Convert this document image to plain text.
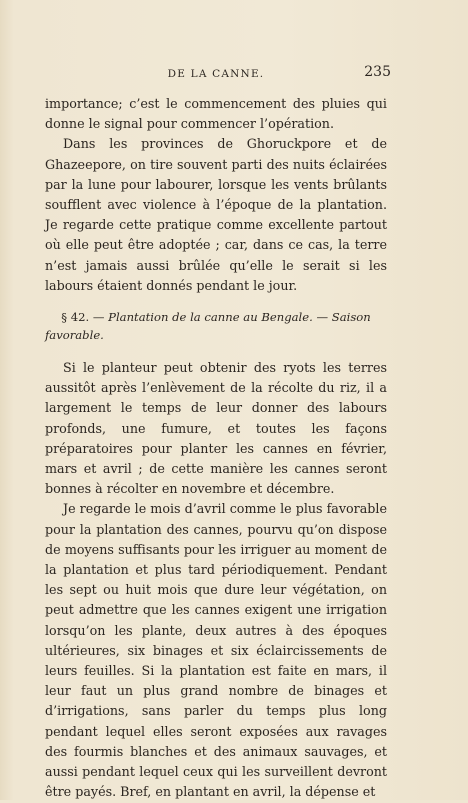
DE LA CANNE.	235

importance; c’est le commencement des pluies qui donne le signal pour commencer l’opération.

Dans les provinces de Ghoruckpore et de Ghazeepore, on tire souvent parti des nuits éclairées par la lune pour labourer, lorsque les vents brûlants soufflent avec violence à l’époque de la plantation. Je regarde cette pratique comme excellente partout où elle peut être adoptée ; car, dans ce cas, la terre n’est jamais aussi brûlée qu’elle le serait si les labours étaient donnés pendant le jour.

§ 42. — Plantation de la canne au Bengale. — Saison favorable.

Si le planteur peut obtenir des ryots les terres aussitôt après l’enlèvement de la récolte du riz, il a largement le temps de leur donner des labours profonds, une fumure, et toutes les façons préparatoires pour planter les cannes en février, mars et avril ; de cette manière les cannes seront bonnes à récolter en novembre et décembre.

Je regarde le mois d’avril comme le plus favorable pour la plantation des cannes, pourvu qu’on dispose de moyens suffisants pour les irriguer au moment de la plantation et plus tard périodiquement. Pendant les sept ou huit mois que dure leur végétation, on peut admettre que les cannes exigent une irrigation lorsqu’on les plante, deux autres à des époques ultérieures, six binages et six éclaircissements de leurs feuilles. Si la plantation est faite en mars, il leur faut un plus grand nombre de binages et d’irrigations, sans parler du temps plus long pendant lequel elles seront exposées aux ravages des fourmis blanches et des animaux sauvages, et aussi pendant lequel ceux qui les surveillent devront être payés. Bref, en plantant en avril, la dépense et
